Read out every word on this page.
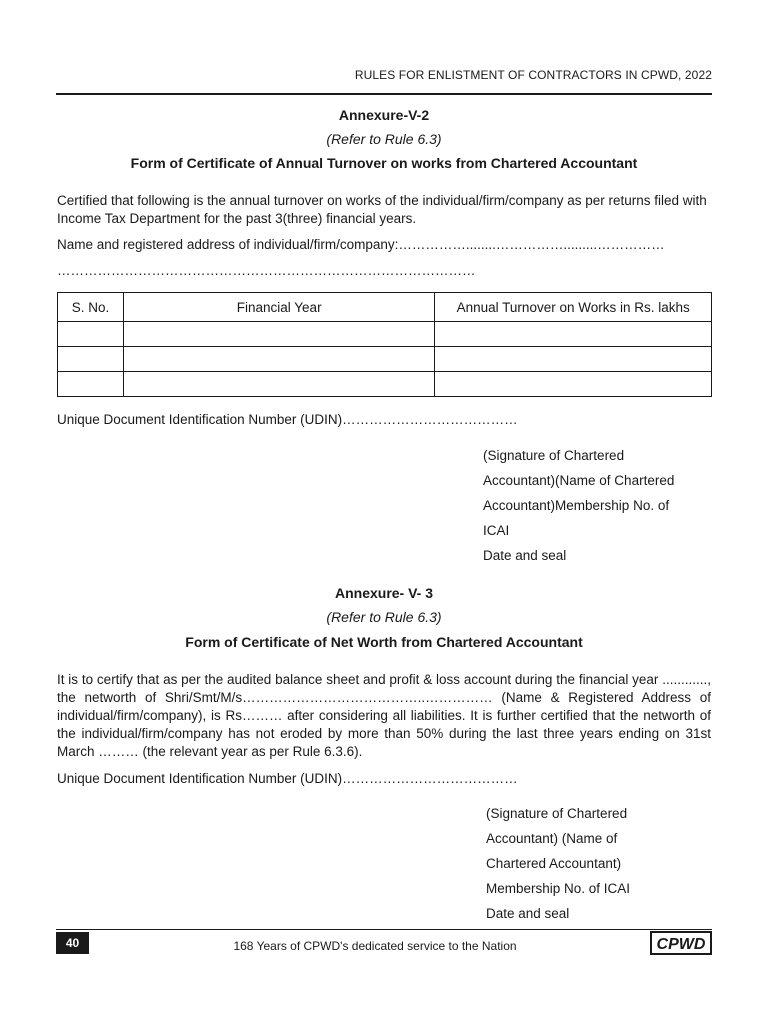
RULES FOR ENLISTMENT OF CONTRACTORS IN CPWD, 2022
Annexure-V-2
(Refer to Rule 6.3)
Form of Certificate of Annual Turnover on works from Chartered Accountant
Certified that following is the annual turnover on works of the individual/firm/company as per returns filed with Income Tax Department for the past 3(three) financial years.
Name and registered address of individual/firm/company:……………........…………….........……………
…………………………………………………………………………………
S. No.	Financial Year	Annual Turnover on Works in Rs. lakhs

Unique Document Identification Number (UDIN)…………………………………
(Signature of Chartered
Accountant)(Name of Chartered
Accountant)Membership No. of
ICAI
Date and seal
Annexure- V- 3
(Refer to Rule 6.3)
Form of Certificate of Net Worth from Chartered Accountant
It is to certify that as per the audited balance sheet and profit & loss account during the financial year ............, the networth of Shri/Smt/M/s…………………………………..…………… (Name & Registered Address of individual/firm/company), is Rs……… after considering all liabilities. It is further certified that the networth of the individual/firm/company has not eroded by more than 50% during the last three years ending on 31st March ……… (the relevant year as per Rule 6.3.6).
Unique Document Identification Number (UDIN)…………………………………
(Signature of Chartered
Accountant) (Name of
Chartered Accountant)
Membership No. of ICAI
Date and seal
40	168 Years of CPWD's dedicated service to the Nation	CPWD
